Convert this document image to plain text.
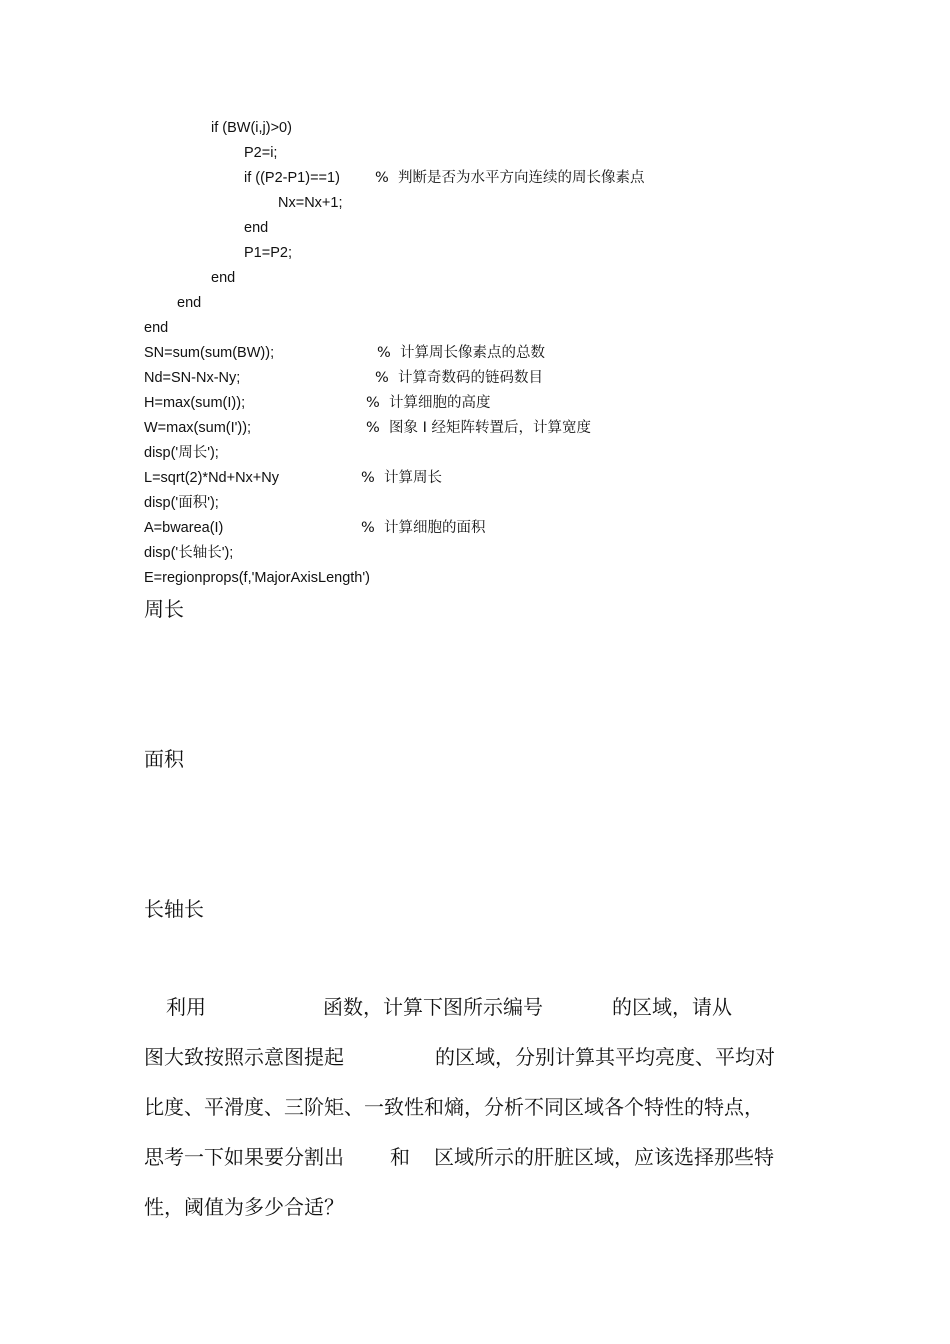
if (BW(i,j)>0)
P2=i;
if ((P2-P1)==1) %  判断是否为水平方向连续的周长像素点
Nx=Nx+1;
end
P1=P2;
end
end
end
SN=sum(sum(BW));	%  计算周长像素点的总数
Nd=SN-Nx-Ny;	%  计算奇数码的链码数目
H=max(sum(I));	%  计算细胞的高度
W=max(sum(I'));	%  图象 I 经矩阵转置后，计算宽度
disp('周长');
L=sqrt(2)*Nd+Nx+Ny	%  计算周长
disp('面积');
A=bwarea(I)	%  计算细胞的面积
disp('长轴长');
E=regionprops(f,'MajorAxisLength')
周长
面积
长轴长
利用	函数，计算下图所示编号	的区域，请从
图大致按照示意图提起	的区域，分别计算其平均亮度、平均对
比度、平滑度、三阶矩、一致性和熵，分析不同区域各个特性的特点，
思考一下如果要分割出 和 区域所示的肝脏区域，应该选择那些特
性，阈值为多少合适？
